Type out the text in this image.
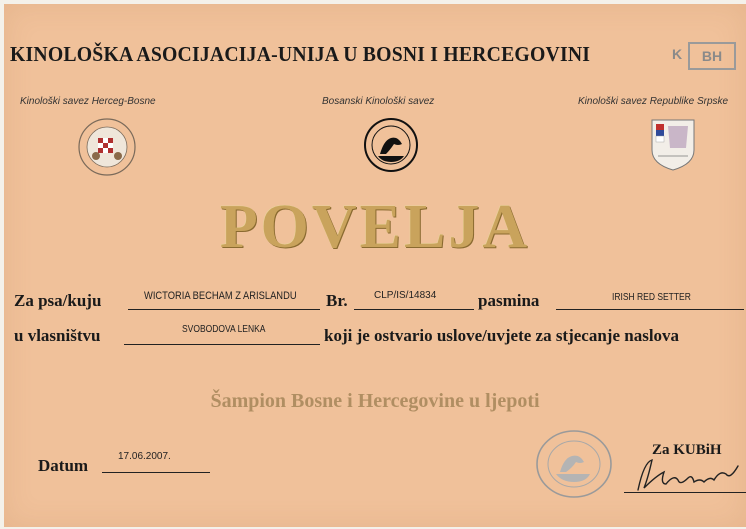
KINOLOŠKA ASOCIJACIJA-UNIJA U BOSNI I HERCEGOVINI	K	BH
Kinološki savez Herceg-Bosne	Bosanski Kinološki savez	Kinološki savez Republike Srpske
POVELJA
Za psa/kuju	WICTORIA BECHAM Z ARISLANDU Br.	CLP/IS/14834 pasmina	IRISH RED SETTER
u vlasništvu	SVOBODOVA LENKA	koji je ostvario uslove/uvjete za stjecanje naslova
Šampion Bosne i Hercegovine u ljepoti
Datum	17.06.2007.	Za KUBiH
